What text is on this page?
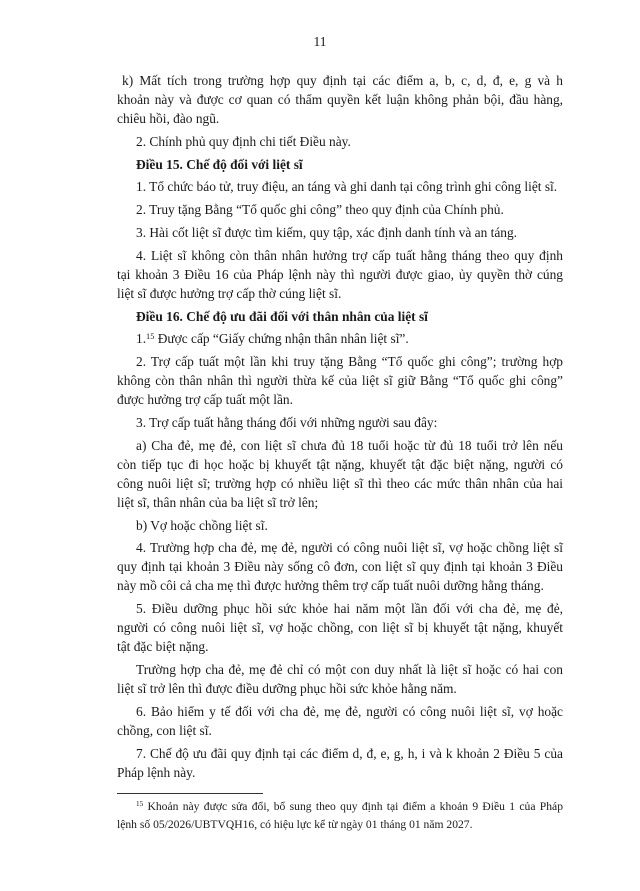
11
k) Mất tích trong trường hợp quy định tại các điểm a, b, c, d, đ, e, g và h
khoản này và được cơ quan có thẩm quyền kết luận không phản bội, đầu hàng,
chiêu hồi, đào ngũ.
2. Chính phủ quy định chi tiết Điều này.
Điều 15. Chế độ đối với liệt sĩ
1. Tổ chức báo tử, truy điệu, an táng và ghi danh tại công trình ghi công liệt sĩ.
2. Truy tặng Bằng “Tổ quốc ghi công” theo quy định của Chính phủ.
3. Hài cốt liệt sĩ được tìm kiếm, quy tập, xác định danh tính và an táng.
4. Liệt sĩ không còn thân nhân hưởng trợ cấp tuất hằng tháng theo quy định
tại khoản 3 Điều 16 của Pháp lệnh này thì người được giao, ủy quyền thờ cúng
liệt sĩ được hưởng trợ cấp thờ cúng liệt sĩ.
Điều 16. Chế độ ưu đãi đối với thân nhân của liệt sĩ
1.15 Được cấp “Giấy chứng nhận thân nhân liệt sĩ”.
2. Trợ cấp tuất một lần khi truy tặng Bằng “Tổ quốc ghi công”; trường hợp
không còn thân nhân thì người thừa kế của liệt sĩ giữ Bằng “Tổ quốc ghi công”
được hưởng trợ cấp tuất một lần.
3. Trợ cấp tuất hằng tháng đối với những người sau đây:
a) Cha đẻ, mẹ đẻ, con liệt sĩ chưa đủ 18 tuổi hoặc từ đủ 18 tuổi trở lên nếu
còn tiếp tục đi học hoặc bị khuyết tật nặng, khuyết tật đặc biệt nặng, người có
công nuôi liệt sĩ; trường hợp có nhiều liệt sĩ thì theo các mức thân nhân của hai
liệt sĩ, thân nhân của ba liệt sĩ trở lên;
b) Vợ hoặc chồng liệt sĩ.
4. Trường hợp cha đẻ, mẹ đẻ, người có công nuôi liệt sĩ, vợ hoặc chồng liệt sĩ
quy định tại khoản 3 Điều này sống cô đơn, con liệt sĩ quy định tại khoản 3 Điều
này mồ côi cả cha mẹ thì được hưởng thêm trợ cấp tuất nuôi dưỡng hằng tháng.
5. Điều dưỡng phục hồi sức khỏe hai năm một lần đối với cha đẻ, mẹ đẻ,
người có công nuôi liệt sĩ, vợ hoặc chồng, con liệt sĩ bị khuyết tật nặng, khuyết
tật đặc biệt nặng.
Trường hợp cha đẻ, mẹ đẻ chỉ có một con duy nhất là liệt sĩ hoặc có hai con
liệt sĩ trở lên thì được điều dưỡng phục hồi sức khỏe hằng năm.
6. Bảo hiểm y tế đối với cha đẻ, mẹ đẻ, người có công nuôi liệt sĩ, vợ hoặc
chồng, con liệt sĩ.
7. Chế độ ưu đãi quy định tại các điểm d, đ, e, g, h, i và k khoản 2 Điều 5 của
Pháp lệnh này.
$^{15}$ Khoản này được sửa đổi, bổ sung theo quy định tại điểm a khoản 9 Điều 1 của Pháp
lệnh số 05/2026/UBTVQH16, có hiệu lực kể từ ngày 01 tháng 01 năm 2027.
